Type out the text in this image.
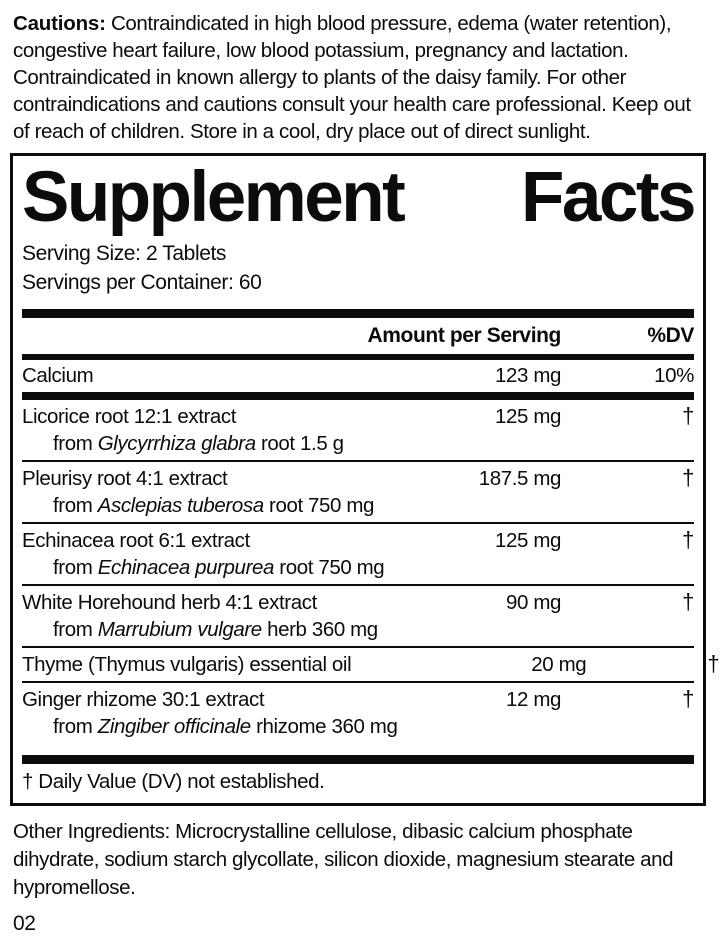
Cautions: Contraindicated in high blood pressure, edema (water retention), congestive heart failure, low blood potassium, pregnancy and lactation. Contraindicated in known allergy to plants of the daisy family. For other contraindications and cautions consult your health care professional. Keep out of reach of children. Store in a cool, dry place out of direct sunlight.
Supplement Facts
Serving Size: 2 Tablets
Servings per Container: 60
Amount per Serving	%DV
Calcium	123 mg	10%
Licorice root 12:1 extract	125 mg	†
from Glycyrrhiza glabra root 1.5 g
Pleurisy root 4:1 extract	187.5 mg	†
from Asclepias tuberosa root 750 mg
Echinacea root 6:1 extract	125 mg	†
from Echinacea purpurea root 750 mg
White Horehound herb 4:1 extract	90 mg	†
from Marrubium vulgare herb 360 mg
Thyme (Thymus vulgaris) essential oil	20 mg	†
Ginger rhizome 30:1 extract	12 mg	†
from Zingiber officinale rhizome 360 mg
† Daily Value (DV) not established.
Other Ingredients: Microcrystalline cellulose, dibasic calcium phosphate dihydrate, sodium starch glycollate, silicon dioxide, magnesium stearate and hypromellose.
02
